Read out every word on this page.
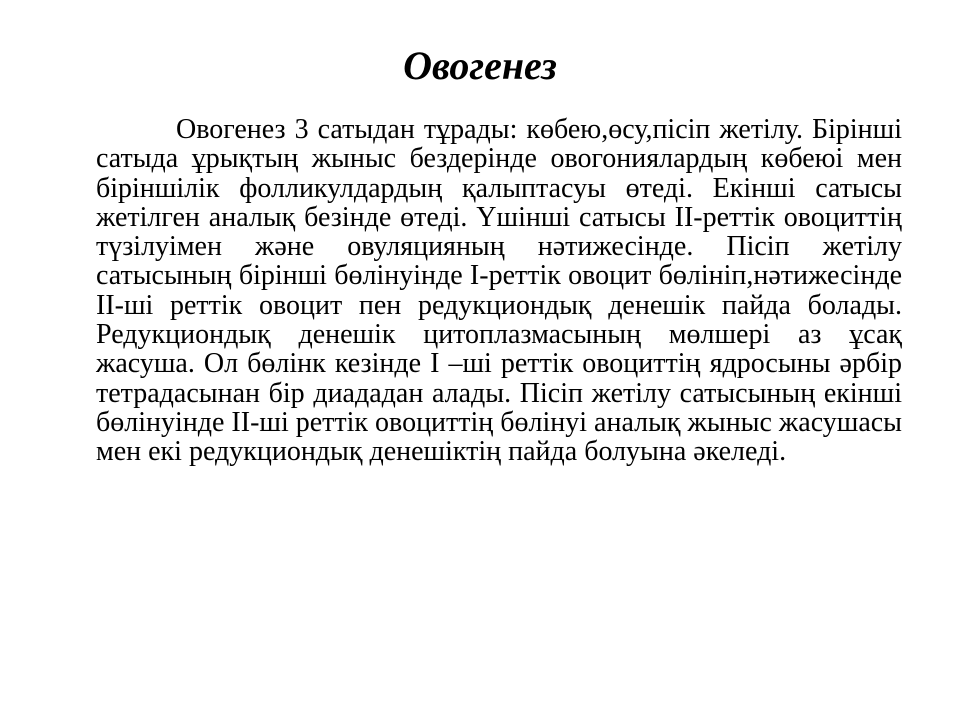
Овогенез

Овогенез 3 сатыдан тұрады: көбею,өсу,пісіп жетілу. Бірінші сатыда ұрықтың жыныс бездерінде овогониялардың көбеюі мен біріншілік фолликулдардың қалыптасуы өтеді. Екінші сатысы жетілген аналық безінде өтеді. Үшінші сатысы ІІ-реттік овоциттің түзілуімен және овуляцияның нәтижесінде. Пісіп жетілу сатысының бірінші бөлінуінде І-реттік овоцит бөлініп,нәтижесінде ІІ-ші реттік овоцит пен редукциондық денешік пайда болады. Редукциондық денешік цитоплазмасының мөлшері аз ұсақ жасуша. Ол бөлінк кезінде І –ші реттік овоциттің ядросыны әрбір тетрадасынан бір диададан алады. Пісіп жетілу сатысының екінші бөлінуінде ІІ-ші реттік овоциттің бөлінуі аналық жыныс жасушасы мен екі редукциондық денешіктің пайда болуына әкеледі.
